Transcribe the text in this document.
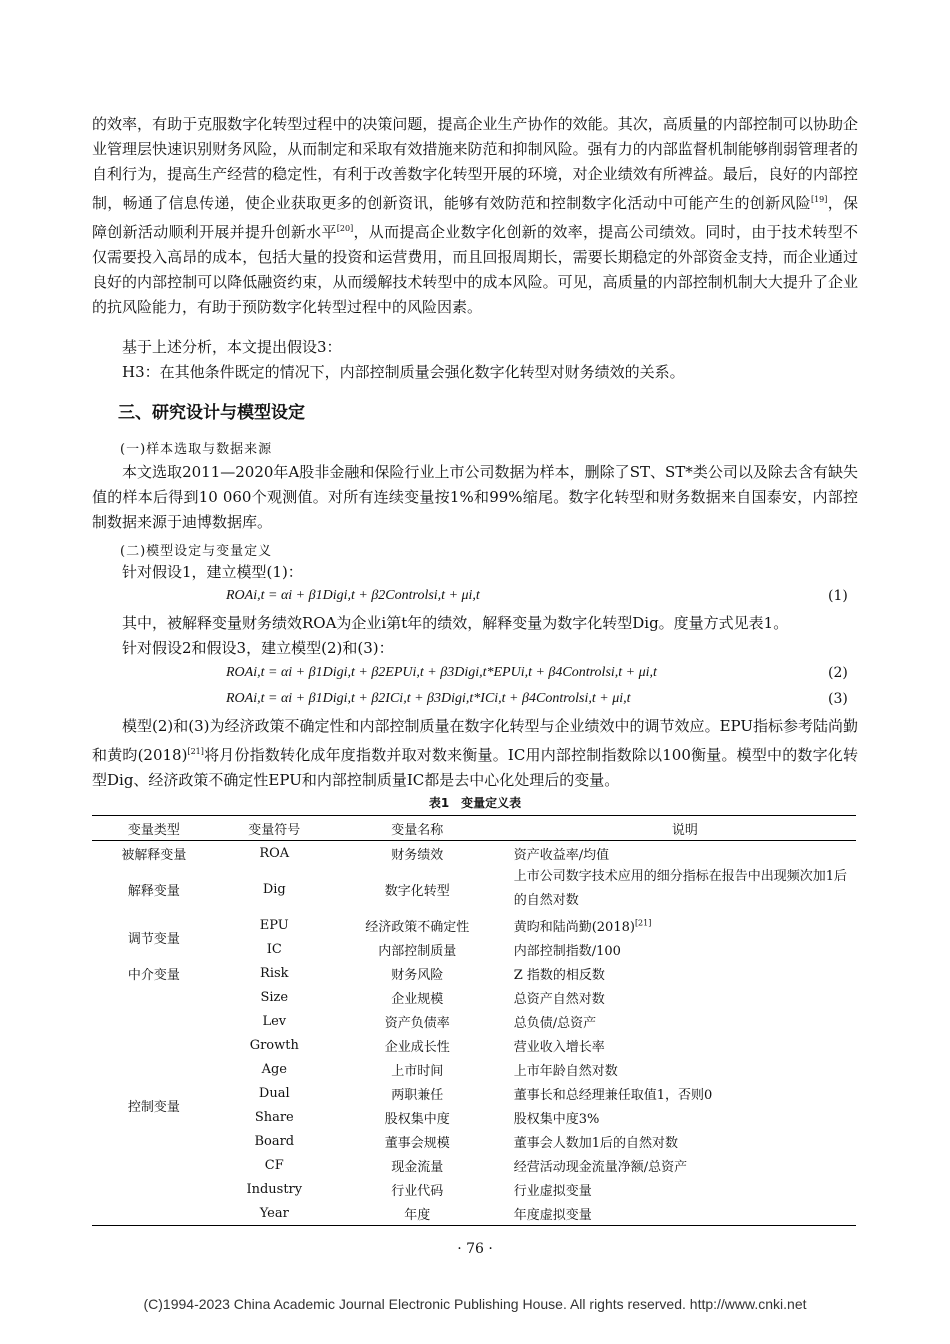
的效率，有助于克服数字化转型过程中的决策问题，提高企业生产协作的效能。其次，高质量的内部控制可以协助企业管理层快速识别财务风险，从而制定和采取有效措施来防范和抑制风险。强有力的内部监督机制能够削弱管理者的自利行为，提高生产经营的稳定性，有利于改善数字化转型开展的环境，对企业绩效有所裨益。最后，良好的内部控制，畅通了信息传递，使企业获取更多的创新资讯，能够有效防范和控制数字化活动中可能产生的创新风险[19]，保障创新活动顺利开展并提升创新水平[20]，从而提高企业数字化创新的效率，提高公司绩效。同时，由于技术转型不仅需要投入高昂的成本，包括大量的投资和运营费用，而且回报周期长，需要长期稳定的外部资金支持，而企业通过良好的内部控制可以降低融资约束，从而缓解技术转型中的成本风险。可见，高质量的内部控制机制大大提升了企业的抗风险能力，有助于预防数字化转型过程中的风险因素。

基于上述分析，本文提出假设3：

H3：在其他条件既定的情况下，内部控制质量会强化数字化转型对财务绩效的关系。

三、研究设计与模型设定

(一)样本选取与数据来源

本文选取2011—2020年A股非金融和保险行业上市公司数据为样本，删除了ST、ST*类公司以及除去含有缺失值的样本后得到10 060个观测值。对所有连续变量按1%和99%缩尾。数字化转型和财务数据来自国泰安，内部控制数据来源于迪博数据库。

(二)模型设定与变量定义

针对假设1，建立模型(1)：

ROAi,t = αi + β1Digi,t + β2Controlsi,t + μi,t	(1)

其中，被解释变量财务绩效ROA为企业i第t年的绩效，解释变量为数字化转型Dig。度量方式见表1。

针对假设2和假设3，建立模型(2)和(3)：

ROAi,t = αi + β1Digi,t + β2EPUi,t + β3Digi,t*EPUi,t + β4Controlsi,t + μi,t	(2)
ROAi,t = αi + β1Digi,t + β2ICi,t + β3Digi,t*ICi,t + β4Controlsi,t + μi,t	(3)

模型(2)和(3)为经济政策不确定性和内部控制质量在数字化转型与企业绩效中的调节效应。EPU指标参考陆尚勤和黄昀(2018)[21]将月份指数转化成年度指数并取对数来衡量。IC用内部控制指数除以100衡量。模型中的数字化转型Dig、经济政策不确定性EPU和内部控制质量IC都是去中心化处理后的变量。

表1　变量定义表
变量类型	变量符号	变量名称	说明
被解释变量	ROA	财务绩效	资产收益率/均值
解释变量	Dig	数字化转型	上市公司数字技术应用的细分指标在报告中出现频次加1后的自然对数
调节变量	EPU	经济政策不确定性	黄昀和陆尚勤(2018)[21]
	IC	内部控制质量	内部控制指数/100
中介变量	Risk	财务风险	Z 指数的相反数
控制变量	Size	企业规模	总资产自然对数
	Lev	资产负债率	总负债/总资产
	Growth	企业成长性	营业收入增长率
	Age	上市时间	上市年龄自然对数
	Dual	两职兼任	董事长和总经理兼任取值1，否则0
	Share	股权集中度	股权集中度3%
	Board	董事会规模	董事会人数加1后的自然对数
	CF	现金流量	经营活动现金流量净额/总资产
	Industry	行业代码	行业虚拟变量
	Year	年度	年度虚拟变量
· 76 ·
(C)1994-2023 China Academic Journal Electronic Publishing House. All rights reserved. http://www.cnki.net
